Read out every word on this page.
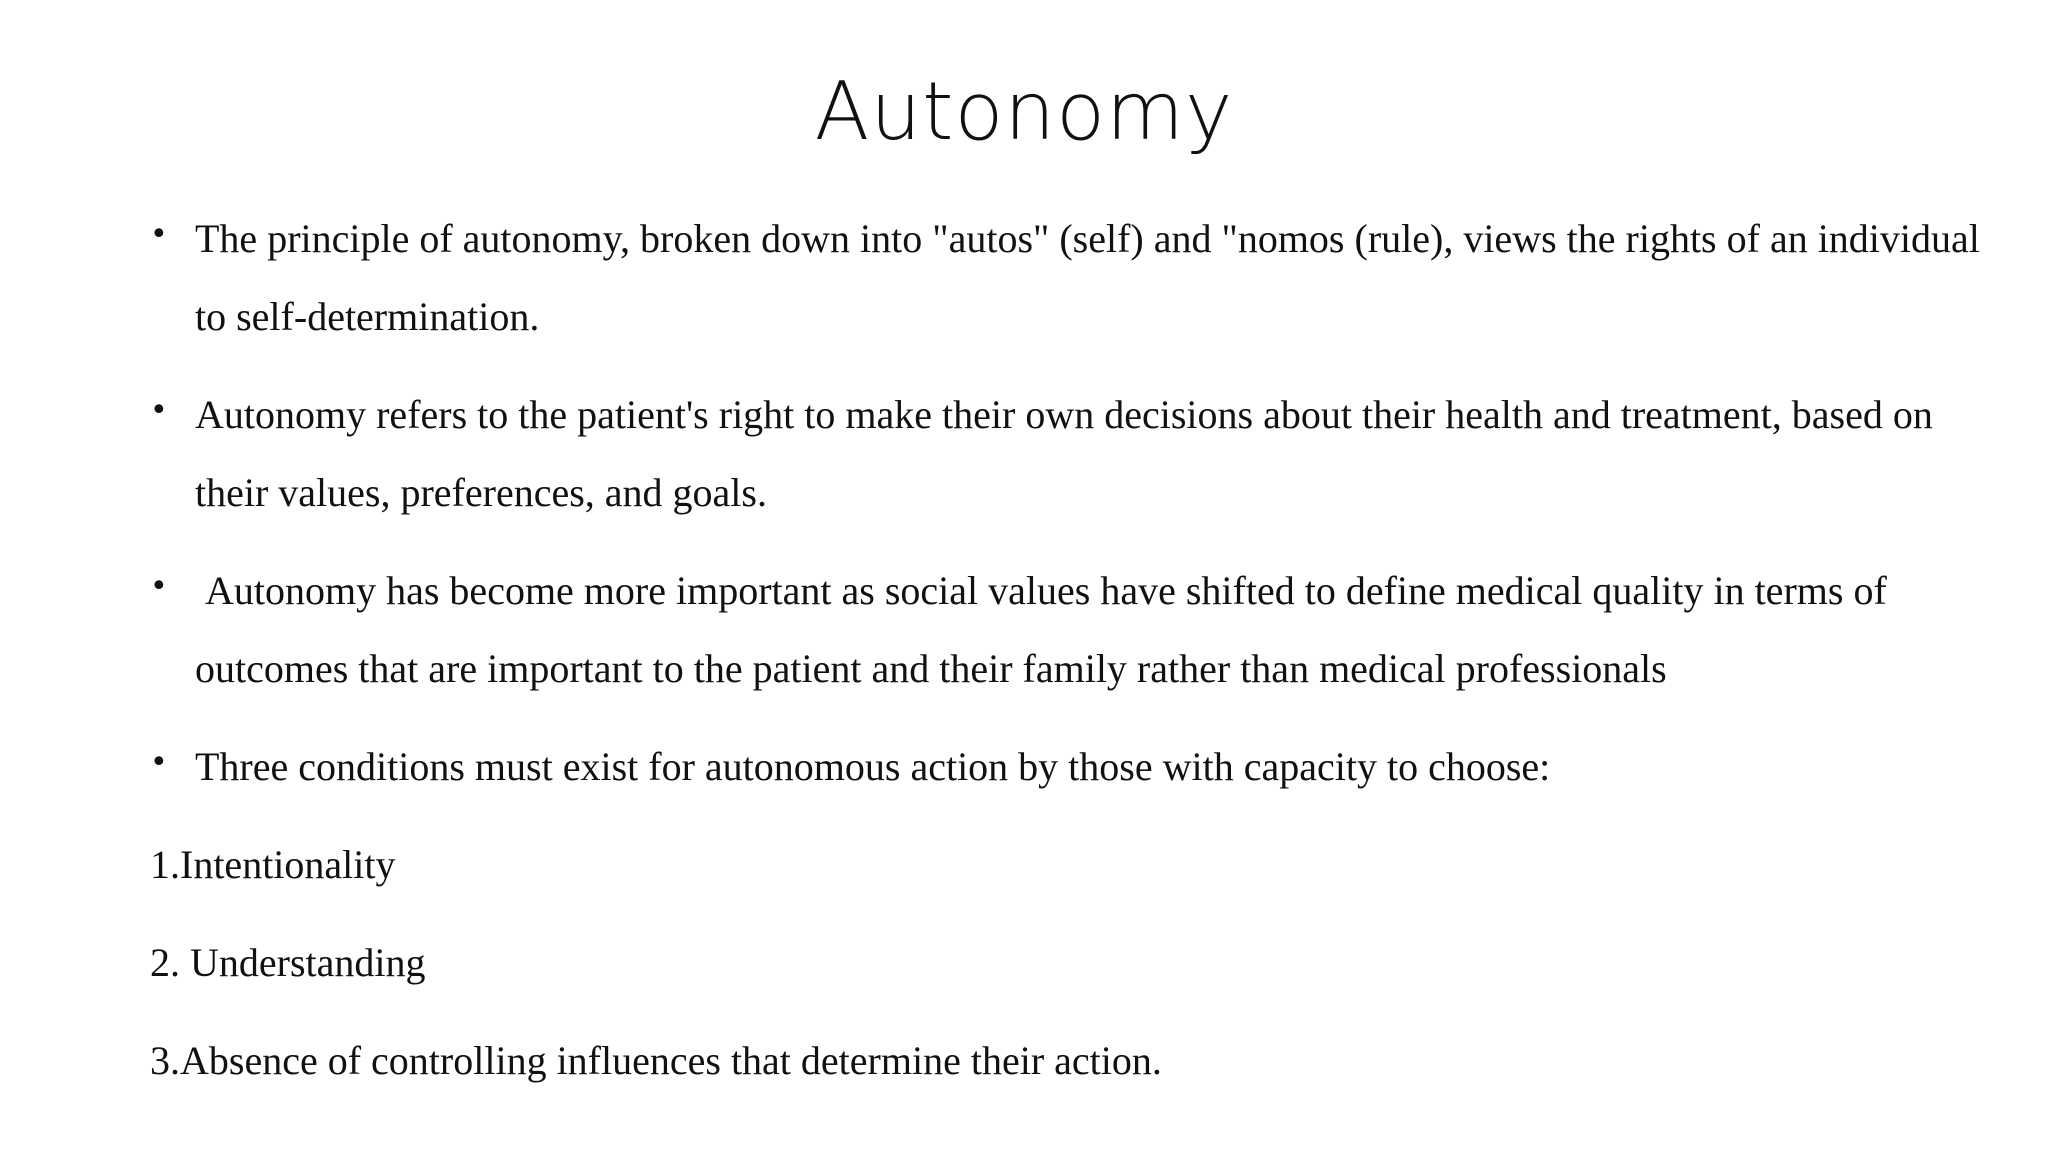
Autonomy
• The principle of autonomy, broken down into "autos" (self) and "nomos (rule), views the rights of an individual to self-determination.
• Autonomy refers to the patient's right to make their own decisions about their health and treatment, based on their values, preferences, and goals.
• Autonomy has become more important as social values have shifted to define medical quality in terms of outcomes that are important to the patient and their family rather than medical professionals
• Three conditions must exist for autonomous action by those with capacity to choose:
1.Intentionality
2. Understanding
3.Absence of controlling influences that determine their action.
